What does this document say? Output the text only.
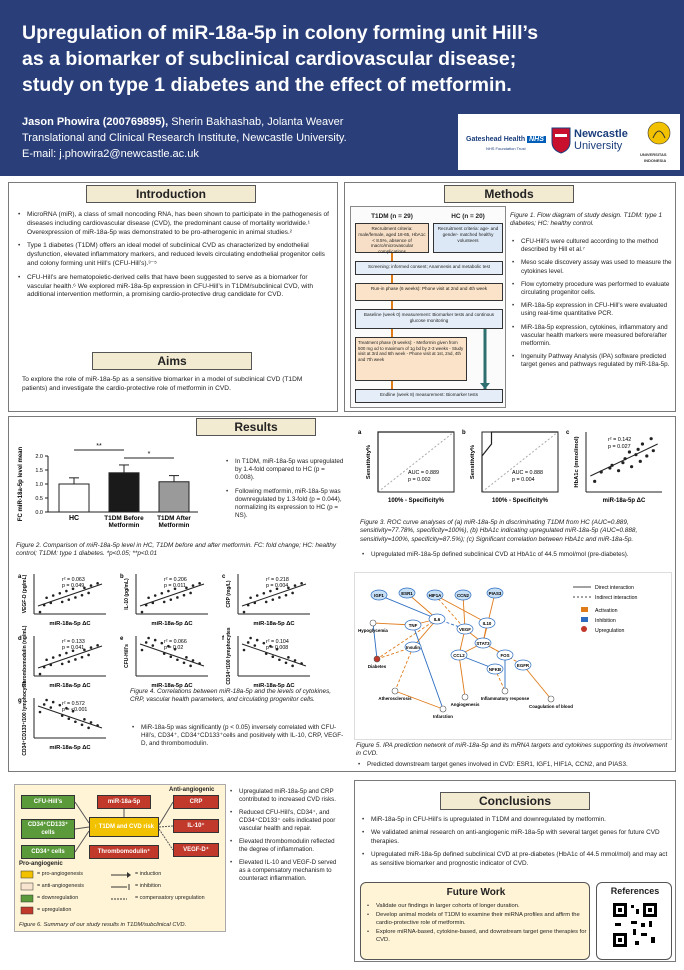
Upregulation of miR-18a-5p in colony forming unit Hill’s
as a biomarker of subclinical cardiovascular disease;
study on type 1 diabetes and the effect of metformin.
Jason Phowira (200769895), Sherin Bakhashab, Jolanta Weaver
Translational and Clinical Research Institute, Newcastle University.
E-mail: j.phowira2@newcastle.ac.uk
Gateshead Health NHS
NHS Foundation Trust
Newcastle
University
UNIVERSITAS
INDONESIA
Introduction
• MicroRNA (miR), a class of small noncoding RNA, has been shown to participate in the pathogenesis of diseases including cardiovascular disease (CVD), the predominant cause of mortality worldwide.¹ Overexpression of miR-18a-5p was demonstrated to be pro-atherogenic in animal studies.²
• Type 1 diabetes (T1DM) offers an ideal model of subclinical CVD as characterized by endothelial dysfunction, elevated inflammatory markers, and reduced levels circulating endothelial progenitor cells and colony forming unit Hill’s (CFU-Hill’s).³⁻⁵
• CFU-Hill’s are hematopoietic-derived cells that have been suggested to serve as a biomarker for vascular health.⁶ We explored miR-18a-5p expression in CFU-Hill’s in T1DM/subclinical CVD, with additional intervention metformin, a promising cardio-protective drug candidate for CVD.
Aims
To explore the role of miR-18a-5p as a sensitive biomarker in a model of subclinical CVD (T1DM patients) and investigate the cardio-protective role of metformin in CVD.
Methods
T1DM (n = 29)	HC (n = 20)
Recruitment criteria: male/female, aged 18-65, HbA1c < 8.5%, absence of macro/microvascular complications
Recruitment criteria: age- and gender- matched healthy volunteers
Screening: informed consent; Anamnesis and metabolic test
Run-in phase (6 weeks): Phone visit at 2nd and 4th week
Baseline (week 0) measurement: Biomarker tests and continous glucose monitoring
Treatment phase (8 weeks): - Metformin given from 500 mg od to maximum of 1g bd by 2-3 weeks - Study visit at 3rd and 6th week - Phone visit at 1st, 2nd, 4th and 7th week
Endline (week 8) measurement: Biomarker tests
Figure 1. Flow diagram of study design. T1DM: type 1 diabetes; HC: healthy control.
• CFU-Hill’s were cultured according to the method described by Hill et al.⁷
• Meso scale discovery assay was used to measure the cytokines level.
• Flow cytometry procedure was performed to evaluate circulating progenitor cells.
• MiR-18a-5p expression in CFU-Hill’s were evaluated using real-time quantitative PCR.
• MiR-18a-5p expression, cytokines, inflammatory and vascular health markers were measured before/after metformin.
• Ingenuity Pathway Analysis (IPA) software predicted target genes and pathways regulated by miR-18a-5p.
Results
0.0
0.5
1.0
1.5
2.0
FC miR-18a-5p level mean	HC	T1DM Before
Metformin
T1DM After
Metformin
**
*
• In T1DM, miR-18a-5p was upregulated by 1.4-fold compared to HC (p = 0.008).
• Following metformin, miR-18a-5p was downregulated by 1.3-fold (p = 0.044), normalizing its expression to HC (p = NS).
Figure 2. Comparison of miR-18a-5p level in HC, T1DM before and after metformin. FC: fold change; HC: healthy control; T1DM: type 1 diabetes. *p<0.05; **p<0.01
a
AUC = 0.889
p = 0.002
Sensitivity%
100% - Specificity%
b
AUC = 0.888
p = 0.004
Sensitivity%
100% - Specificity%
c
r² = 0.142
p = 0.027
HbA1c (mmol/mol)
miR-18a-5p ΔC
Figure 3. ROC curve analyses of (a) miR-18a-5p in discriminating T1DM from HC (AUC=0.889, sensitivity=77.78%, specificity=100%), (b) HbA1c indicating upregulated miR-18a-5p (AUC=0.888, sensitivity=100%, specificity=87.5%); (c) Significant correlation between HbA1c and miR-18a-5p.
• Upregulated miR-18a-5p defined subclinical CVD at HbA1c of 44.5 mmol/mol (pre-diabetes).
a	r² = 0.063
p = 0.049
VEGF-D (pg/mL)
miR-18a-5p ΔC
b	r² = 0.206
p = 0.011
IL-10 (pg/mL)
miR-18a-5p ΔC
c	r² = 0.218
p = 0.004
CRP (mg/L)
miR-18a-5p ΔC
d	r² = 0.133
p = 0.041
Thrombomodulin (ng/mL)	miR-18a-5p ΔC
e	r² = 0.066
p = 0.02
CFU-Hill’s
miR-18a-5p ΔC
f	r² = 0.104
p = 0.008
CD34⁺/100 lymphocytes
miR-18a-5p ΔC
g	r² = 0.572
p = <0.001
CD34⁺CD133⁺/100 lymphocytes	miR-18a-5p ΔC
Figure 4. Correlations between miR-18a-5p and the levels of cytokines, CRP, vascular health parameters, and circulating progenitor cells.
• MiR-18a-5p was significantly (p < 0.05) inversely correlated with CFU-Hill’s, CD34⁺, CD34⁺CD133⁺cells and positively with IL-10, CRP, VEGF-D, and thrombomodulin.
IGF1	ESR1	HIF1A	CCN2	PIAS3
Hypoglycemia
IL6
VEGF
STAT3
Diabetes
Insulin
FOS
EGFR
TNF
CCL2
NFKB
IL10
Atherosclerosis
Infarction
Angiogenesis
Inflammatory response
Coagulation of blood
Direct interaction
Indirect interaction
Activation
Inhibition
Upregulation
Figure 5. IPA prediction network of miR-18a-5p and its mRNA targets and cytokines supporting its involvement in CVD.
• Predicted downstream target genes involved in CVD: ESR1, IGF1, HIF1A, CCN2, and PIAS3.
Anti-angiogenic
Pro-angiogenic
CFU-Hill’s
CD34⁺CD133⁺ cells
CD34⁺ cells
miR-18a-5p
↑ T1DM and CVD risk
Thrombomodulin⁺
CRP
IL-10⁺
VEGF-D⁺
= pro-angiogenesis
= anti-angiogenesis
= downregulation
= upregulation
= induction
= inhibition
= compensatory upregulation
Figure 6. Summary of our study results in T1DM/subclinical CVD.
• Upregulated miR-18a-5p and CRP contributed to increased CVD risks.
• Reduced CFU-Hill’s, CD34⁺, and CD34⁺CD133⁺ cells indicated poor vascular health and repair.
• Elevated thrombomodulin reflected the degree of inflammation.
• Elevated IL-10 and VEGF-D served as a compensatory mechanism to counteract inflammation.
Conclusions
• MiR-18a-5p in CFU-Hill’s is upregulated in T1DM and downregulated by metformin.
• We validated animal research on anti-angiogenic miR-18a-5p with several target genes for future CVD therapies.
• Upregulated miR-18a-5p defined subclinical CVD at pre-diabetes (HbA1c of 44.5 mmol/mol) and may act as sensitive biomarker and prognostic indicator of CVD.
Future Work
• Validate our findings in larger cohorts of longer duration.
• Develop animal models of T1DM to examine their miRNA profiles and affirm the cardio-protective role of metformin.
• Explore miRNA-based, cytokine-based, and downstream target gene therapies for CVD.
References
